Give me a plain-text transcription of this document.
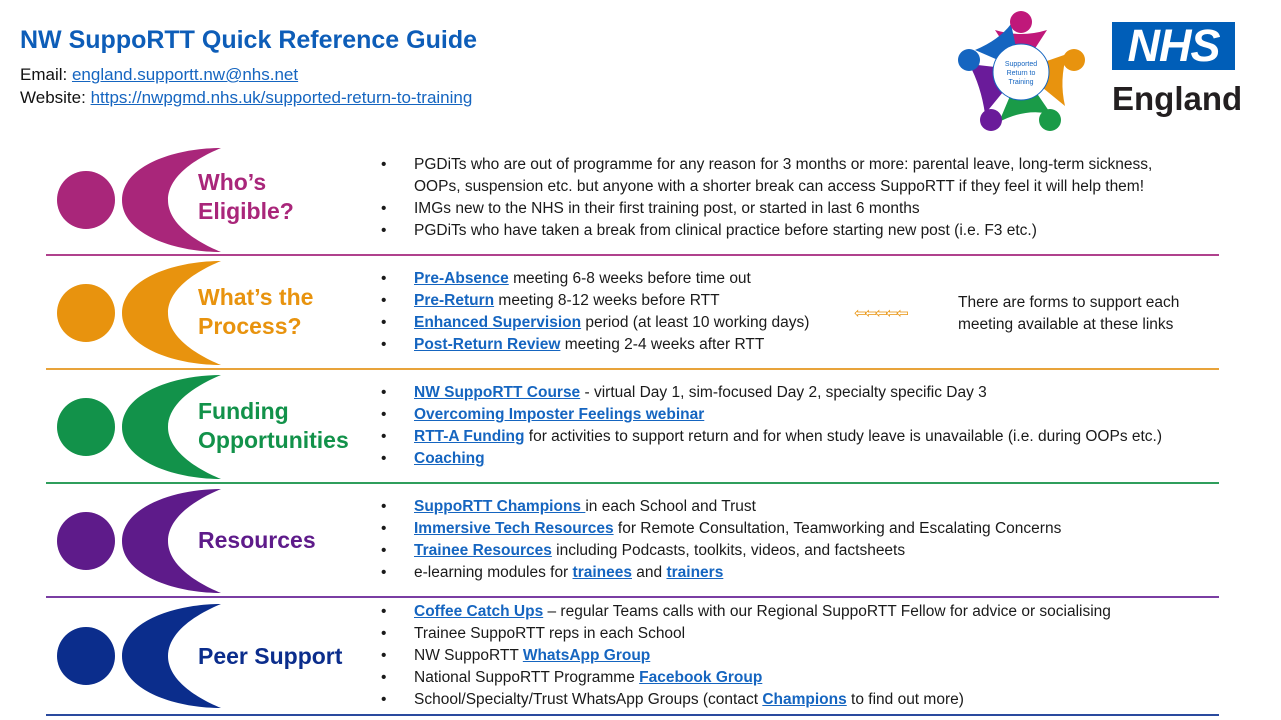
NW SuppoRTT Quick Reference Guide
Email: england.supportt.nw@nhs.net
Website: https://nwpgmd.nhs.uk/supported-return-to-training
Supported
Return to
Training
NHS
England
Who’s
Eligible?
• PGDiTs who are out of programme for any reason for 3 months or more: parental leave, long-term sickness, OOPs, suspension etc. but anyone with a shorter break can access SuppoRTT if they feel it will help them!
• IMGs new to the NHS in their first training post, or started in last 6 months
• PGDiTs who have taken a break from clinical practice before starting new post (i.e. F3 etc.)
What’s the
Process?
• Pre-Absence meeting 6-8 weeks before time out
• Pre-Return meeting 8-12 weeks before RTT
• Enhanced Supervision period (at least 10 working days)
• Post-Return Review meeting 2-4 weeks after RTT
⇦⇦⇦⇦⇦
There are forms to support each meeting available at these links
Funding
Opportunities
• NW SuppoRTT Course - virtual Day 1, sim-focused Day 2, specialty specific Day 3
• Overcoming Imposter Feelings webinar
• RTT-A Funding for activities to support return and for when study leave is unavailable (i.e. during OOPs etc.)
• Coaching
Resources
• SuppoRTT Champions in each School and Trust
• Immersive Tech Resources for Remote Consultation, Teamworking and Escalating Concerns
• Trainee Resources including Podcasts, toolkits, videos, and factsheets
• e-learning modules for trainees and trainers
Peer Support
• Coffee Catch Ups – regular Teams calls with our Regional SuppoRTT Fellow for advice or socialising
• Trainee SuppoRTT reps in each School
• NW SuppoRTT WhatsApp Group
• National SuppoRTT Programme Facebook Group
• School/Specialty/Trust WhatsApp Groups (contact Champions to find out more)
